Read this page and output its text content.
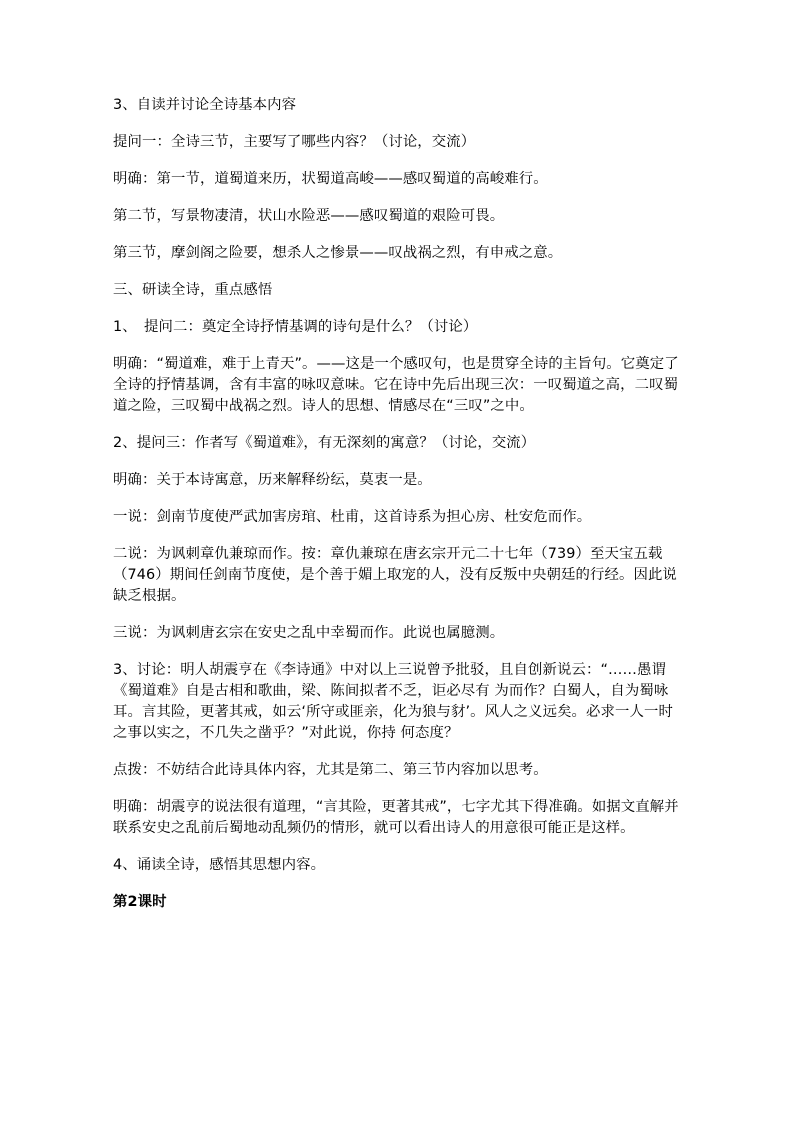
3、自读并讨论全诗基本内容

提问一：全诗三节，主要写了哪些内容？（讨论，交流）

明确：第一节，道蜀道来历，状蜀道高峻——感叹蜀道的高峻难行。

第二节，写景物凄清，状山水险恶——感叹蜀道的艰险可畏。

第三节，摩剑阁之险要，想杀人之惨景——叹战祸之烈，有申戒之意。

三、研读全诗，重点感悟

1、　提问二：奠定全诗抒情基调的诗句是什么？（讨论）

明确：“蜀道难，难于上青天”。——这是一个感叹句，也是贯穿全诗的主旨句。它奠定了全诗的抒情基调，含有丰富的咏叹意味。它在诗中先后出现三次：一叹蜀道之高，二叹蜀道之险，三叹蜀中战祸之烈。诗人的思想、情感尽在“三叹”之中。

2、提问三：作者写《蜀道难》，有无深刻的寓意？（讨论，交流）

明确：关于本诗寓意，历来解释纷纭，莫衷一是。

一说：剑南节度使严武加害房琯、杜甫，这首诗系为担心房、杜安危而作。

二说：为讽刺章仇兼琼而作。按：章仇兼琼在唐玄宗开元二十七年（739）至天宝五载（746）期间任剑南节度使，是个善于媚上取宠的人，没有反叛中央朝廷的行经。因此说缺乏根据。

三说：为讽刺唐玄宗在安史之乱中幸蜀而作。此说也属臆测。

3、讨论：明人胡震亨在《李诗通》中对以上三说曾予批驳，且自创新说云：“……愚谓《蜀道难》自是古相和歌曲，梁、陈间拟者不乏，讵必尽有 为而作？白蜀人，自为蜀咏耳。言其险，更著其戒，如云‘所守或匪亲，化为狼与豺’。风人之义远矣。必求一人一时之事以实之，不几失之凿乎？”对此说，你持 何态度？

点拨：不妨结合此诗具体内容，尤其是第二、第三节内容加以思考。

明确：胡震亨的说法很有道理，“言其险，更著其戒”，七字尤其下得准确。如据文直解并联系安史之乱前后蜀地动乱频仍的情形，就可以看出诗人的用意很可能正是这样。

4、诵读全诗，感悟其思想内容。

第2课时
